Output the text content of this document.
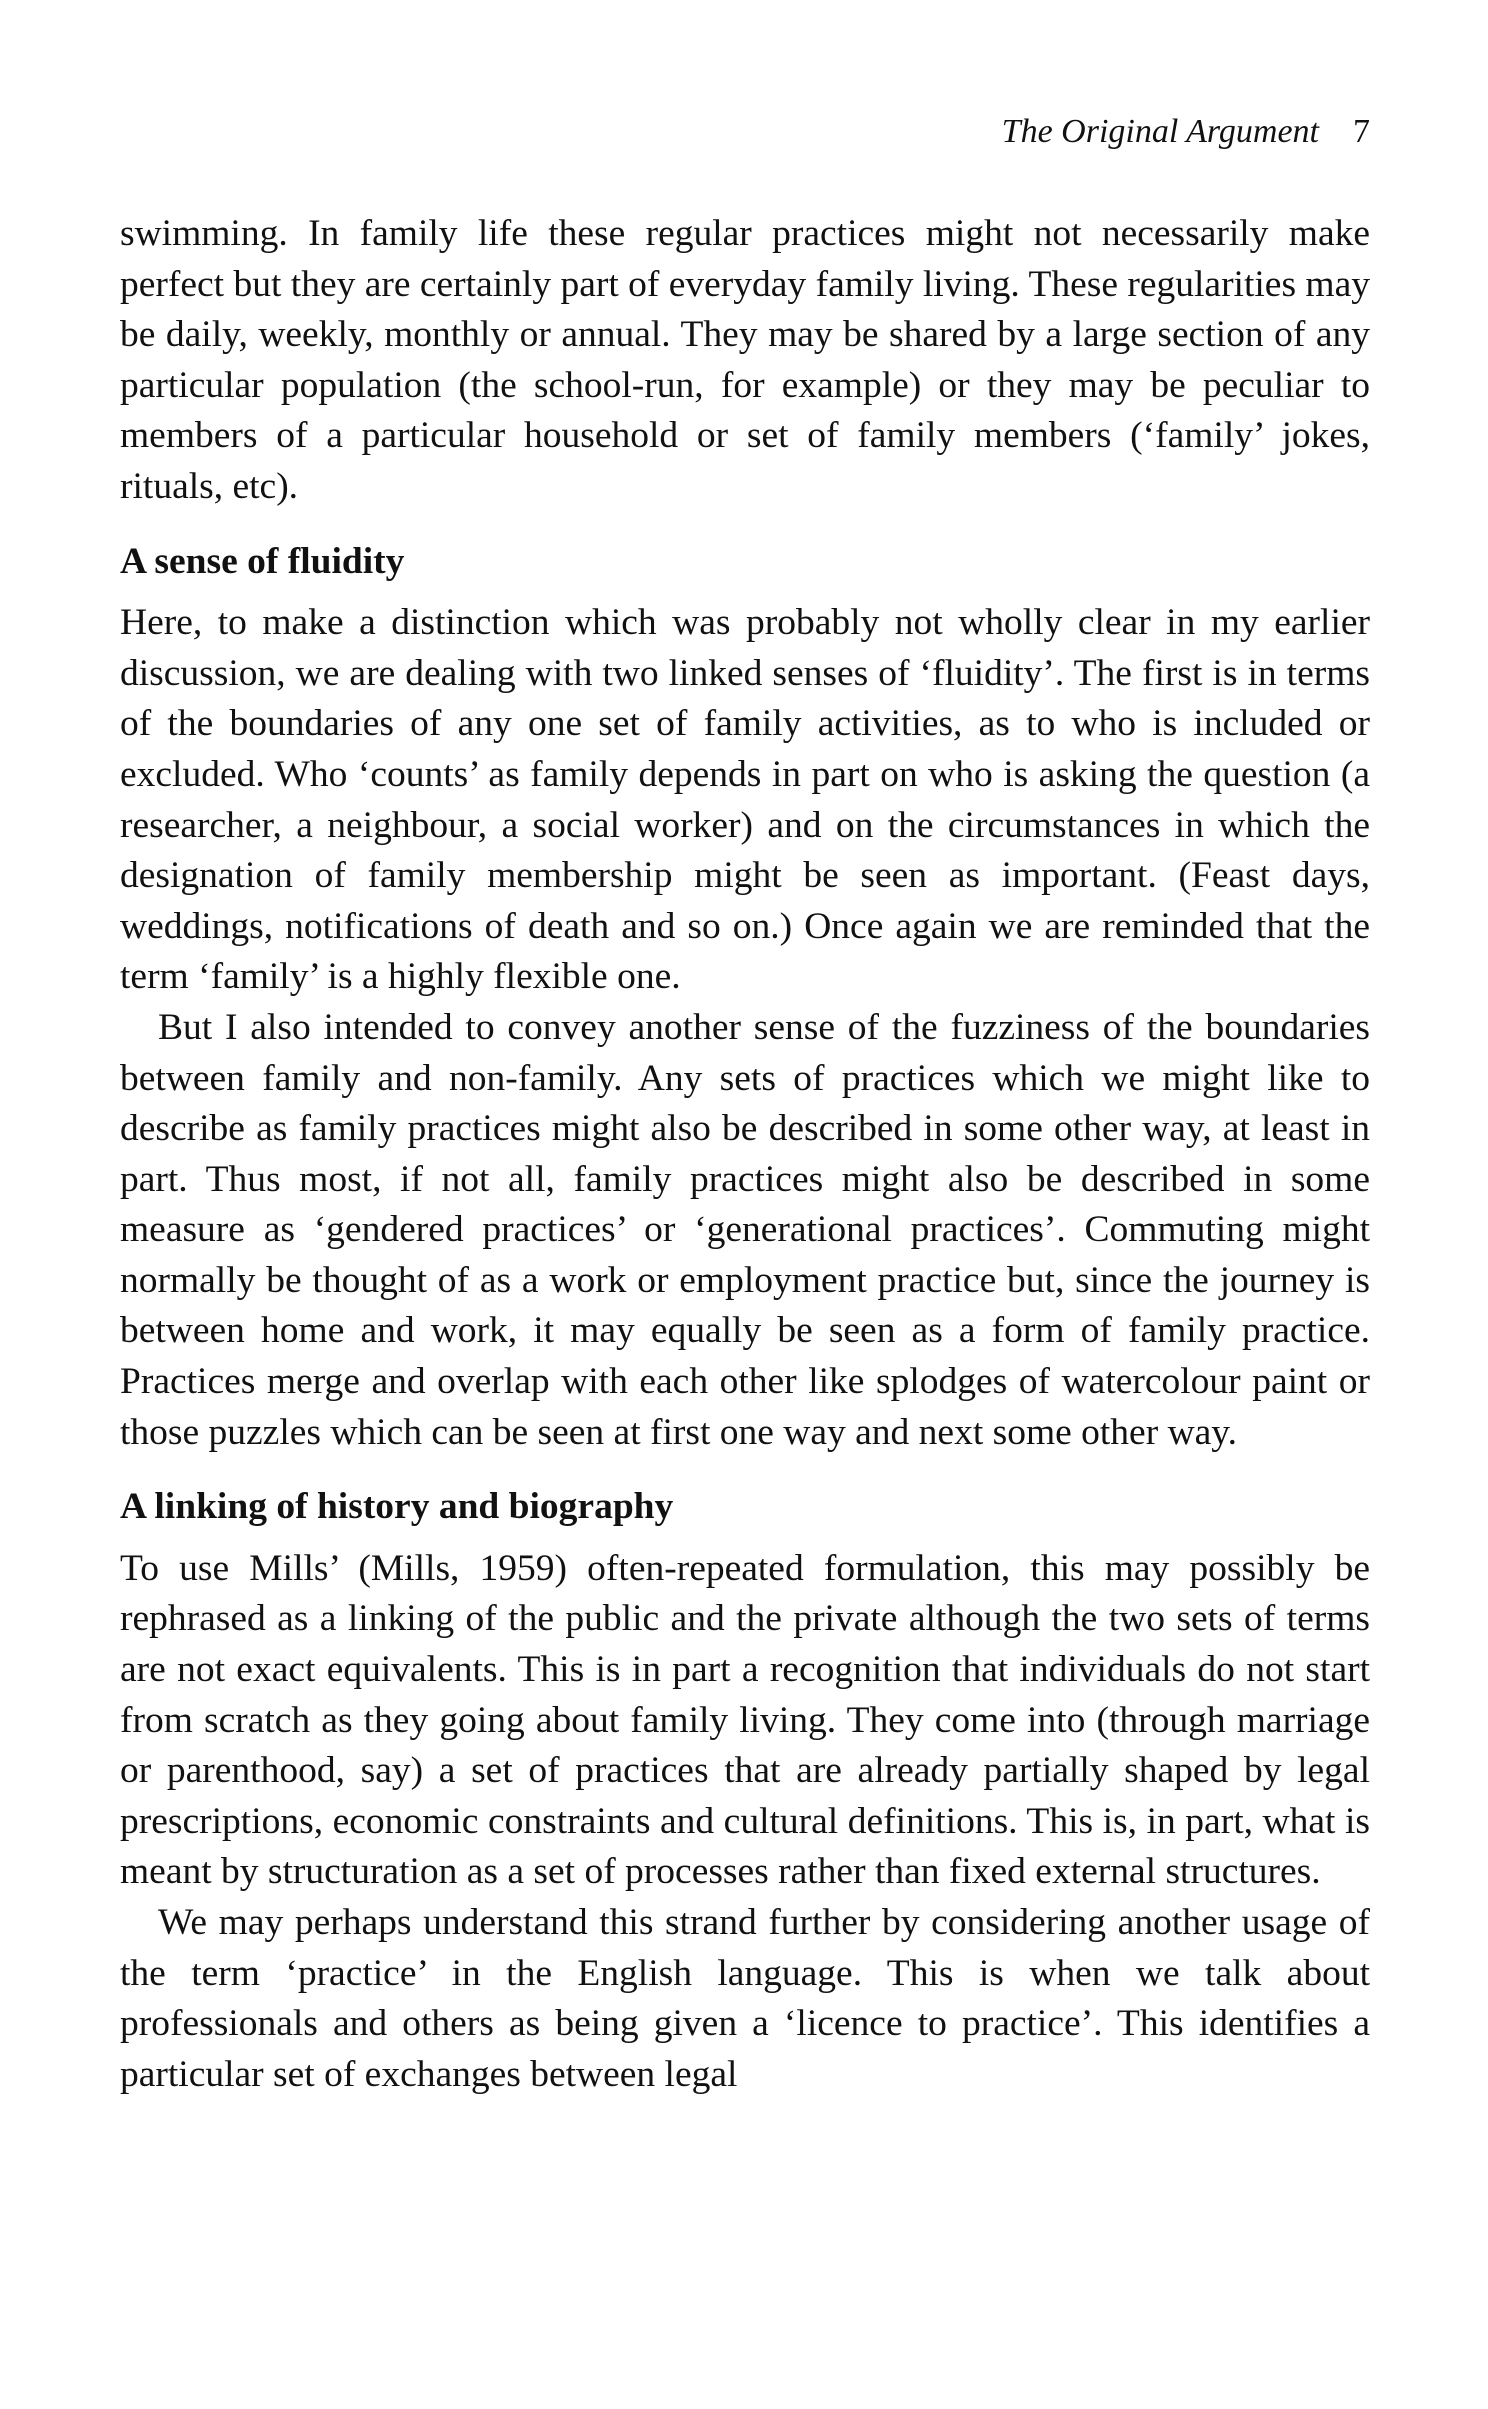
The Original Argument 7

swimming. In family life these regular practices might not necessarily make perfect but they are certainly part of everyday family living. These regularities may be daily, weekly, monthly or annual. They may be shared by a large section of any particular population (the school-run, for example) or they may be peculiar to members of a particular household or set of family members (‘family’ jokes, rituals, etc).

A sense of fluidity

Here, to make a distinction which was probably not wholly clear in my earlier discussion, we are dealing with two linked senses of ‘fluidity’. The first is in terms of the boundaries of any one set of family activities, as to who is included or excluded. Who ‘counts’ as family depends in part on who is asking the question (a researcher, a neighbour, a social worker) and on the circumstances in which the designation of family membership might be seen as important. (Feast days, weddings, notifications of death and so on.) Once again we are reminded that the term ‘family’ is a highly flexible one.

But I also intended to convey another sense of the fuzziness of the boundaries between family and non-family. Any sets of practices which we might like to describe as family practices might also be described in some other way, at least in part. Thus most, if not all, family practices might also be described in some measure as ‘gendered practices’ or ‘generational practices’. Commuting might normally be thought of as a work or employment practice but, since the journey is between home and work, it may equally be seen as a form of family practice. Practices merge and overlap with each other like splodges of watercolour paint or those puzzles which can be seen at first one way and next some other way.

A linking of history and biography

To use Mills’ (Mills, 1959) often-repeated formulation, this may possibly be rephrased as a linking of the public and the private although the two sets of terms are not exact equivalents. This is in part a recognition that individuals do not start from scratch as they going about family living. They come into (through marriage or parenthood, say) a set of practices that are already partially shaped by legal prescriptions, economic constraints and cultural definitions. This is, in part, what is meant by structuration as a set of processes rather than fixed external structures.

We may perhaps understand this strand further by considering another usage of the term ‘practice’ in the English language. This is when we talk about professionals and others as being given a ‘licence to practice’. This identifies a particular set of exchanges between legal
